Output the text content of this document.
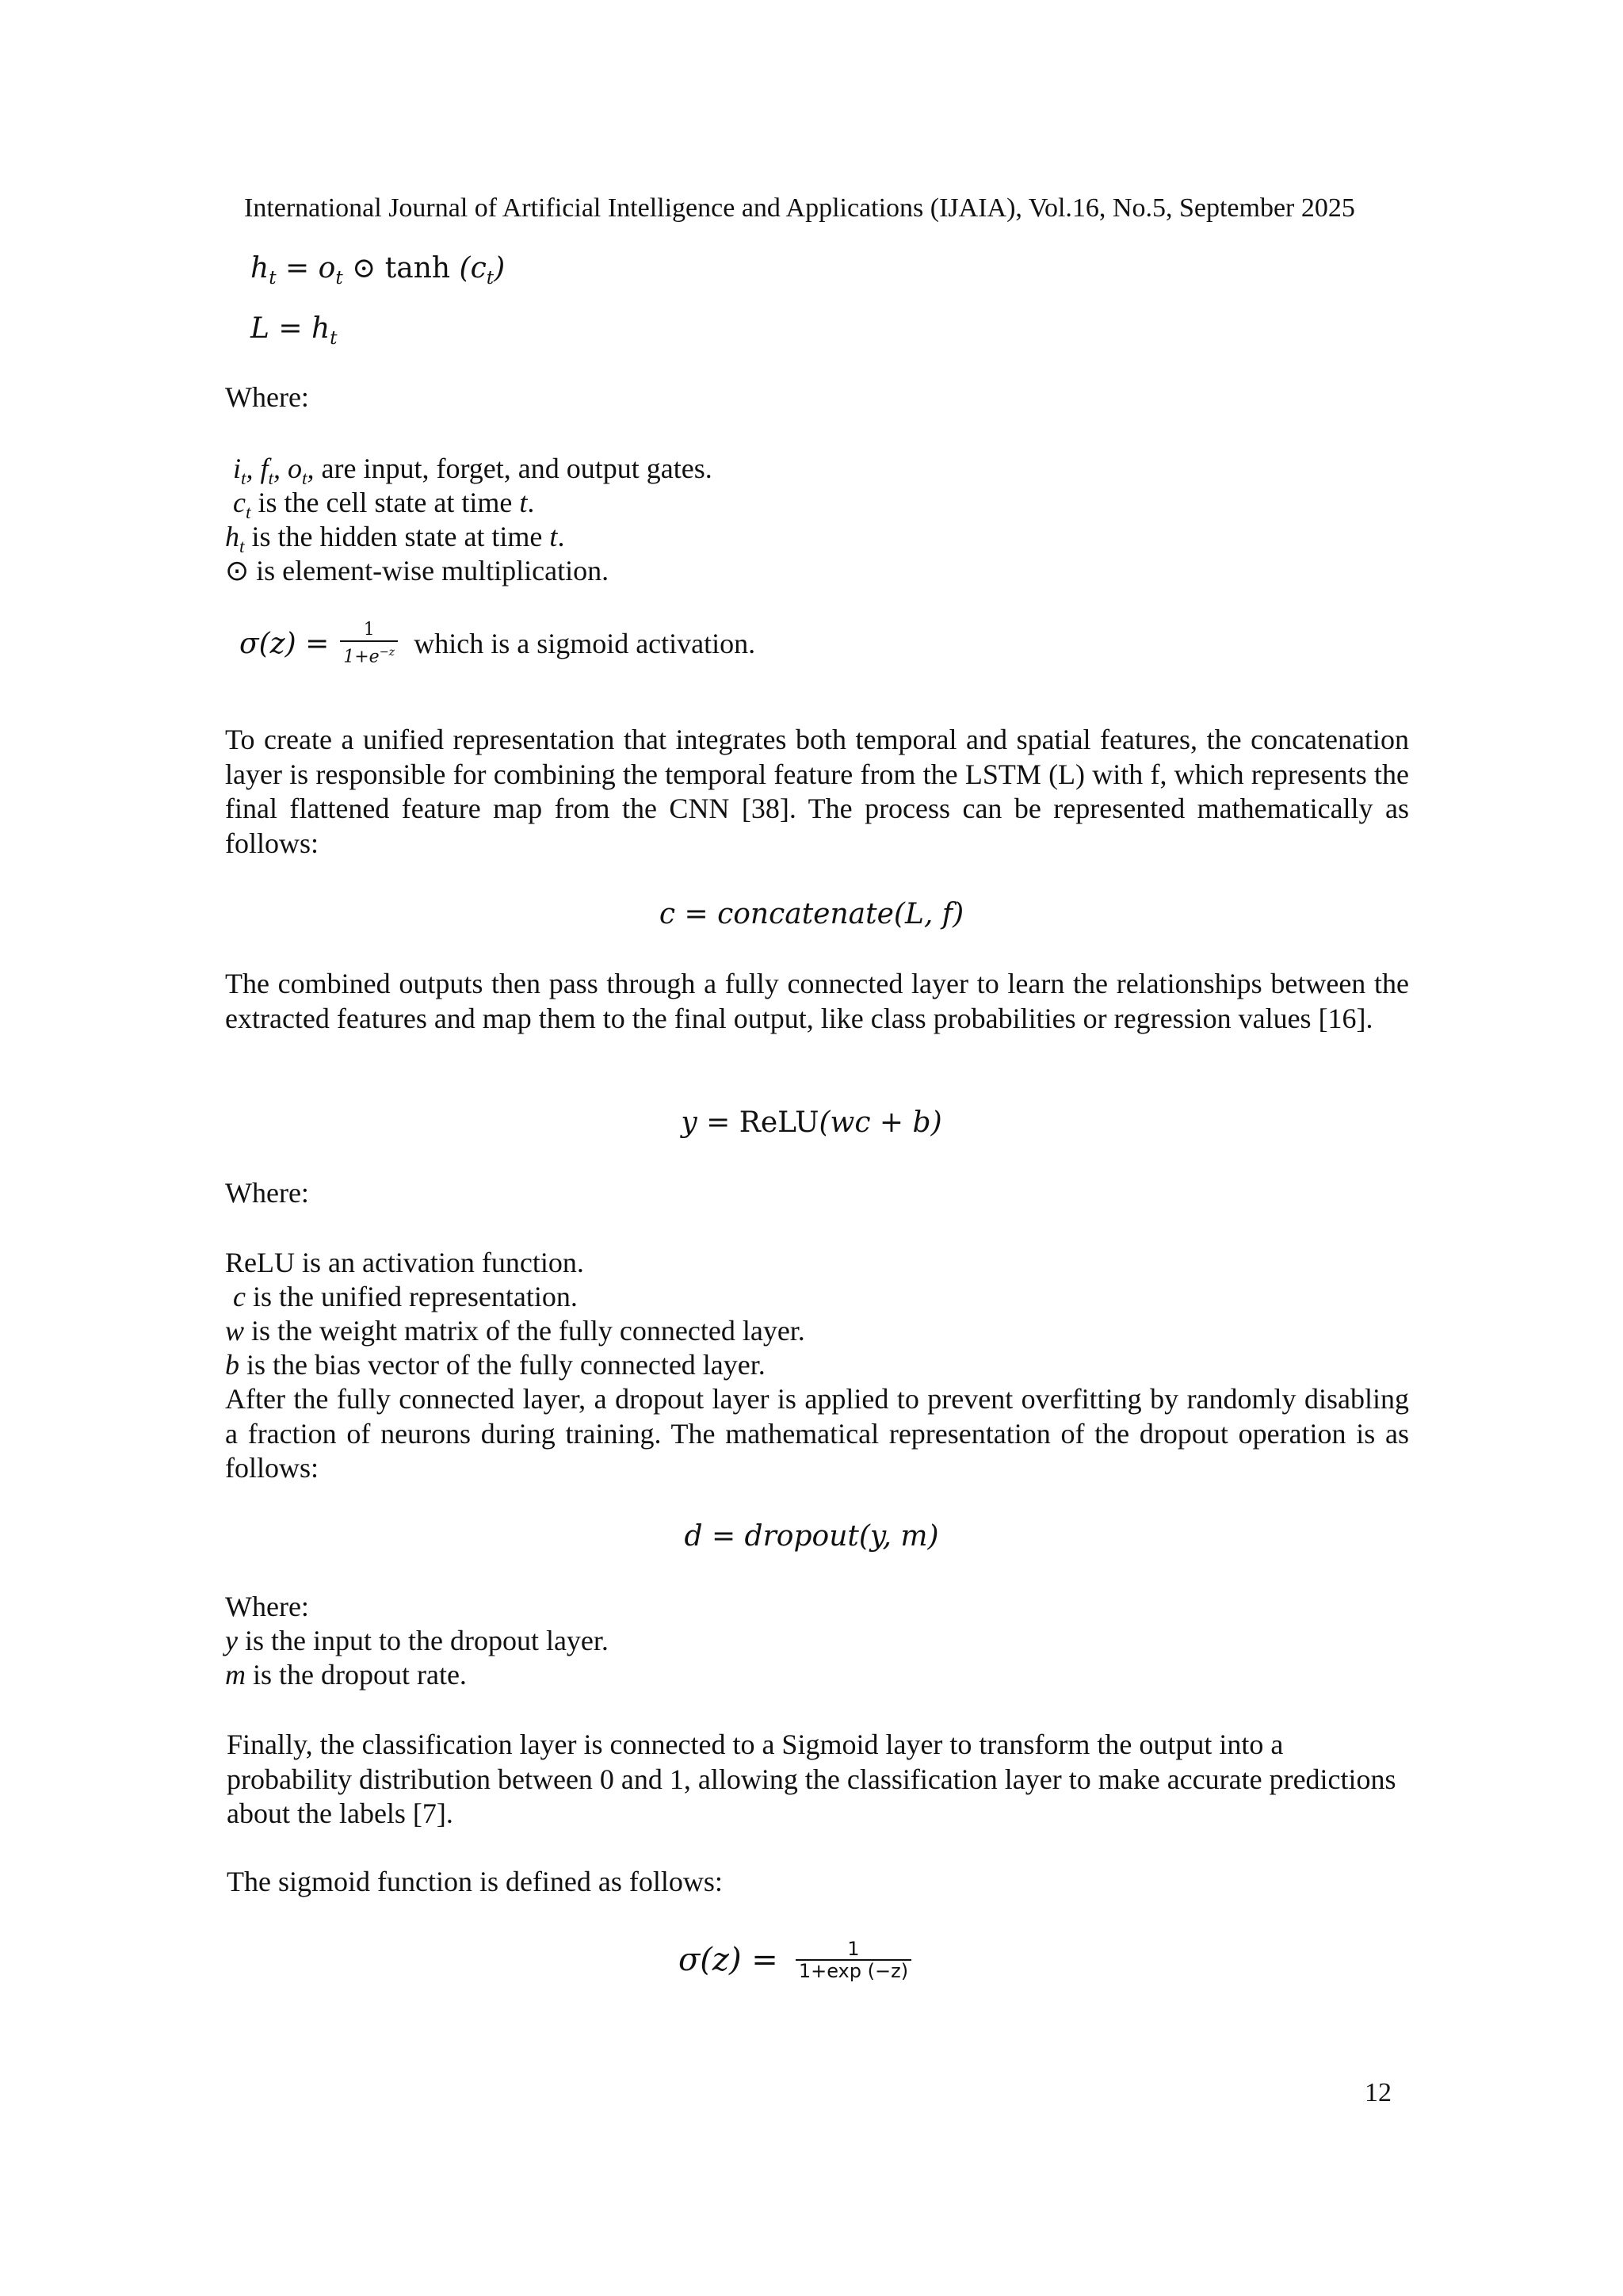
International Journal of Artificial Intelligence and Applications (IJAIA), Vol.16, No.5, September 2025
$h_t = o_t$ ⊙ $\tanh (c_t)$
$L = h_t$
Where:
$i_t$, $f_t$, $o_t$, are input, forget, and output gates.
$c_t$ is the cell state at time t.
$h_t$ is the hidden state at time t.
⊙ is element-wise multiplication.
$\sigma(z) = \frac{1}{1+e^{-z}}$ which is a sigmoid activation.
To create a unified representation that integrates both temporal and spatial features, the concatenation layer is responsible for combining the temporal feature from the LSTM (L) with f, which represents the final flattened feature map from the CNN [38]. The process can be represented mathematically as follows:
c = concatenate(L, f)
The combined outputs then pass through a fully connected layer to learn the relationships between the extracted features and map them to the final output, like class probabilities or regression values [16].
y = ReLU(wc + b)
Where:
ReLU is an activation function.
c is the unified representation.
w is the weight matrix of the fully connected layer.
b is the bias vector of the fully connected layer.
After the fully connected layer, a dropout layer is applied to prevent overfitting by randomly disabling a fraction of neurons during training. The mathematical representation of the dropout operation is as follows:
d = dropout(y, m)
Where:
y is the input to the dropout layer.
m is the dropout rate.
Finally, the classification layer is connected to a Sigmoid layer to transform the output into a probability distribution between 0 and 1, allowing the classification layer to make accurate predictions about the labels [7].
The sigmoid function is defined as follows:
$\sigma(z) = \frac{1}{1+\exp (-z)}$
12
